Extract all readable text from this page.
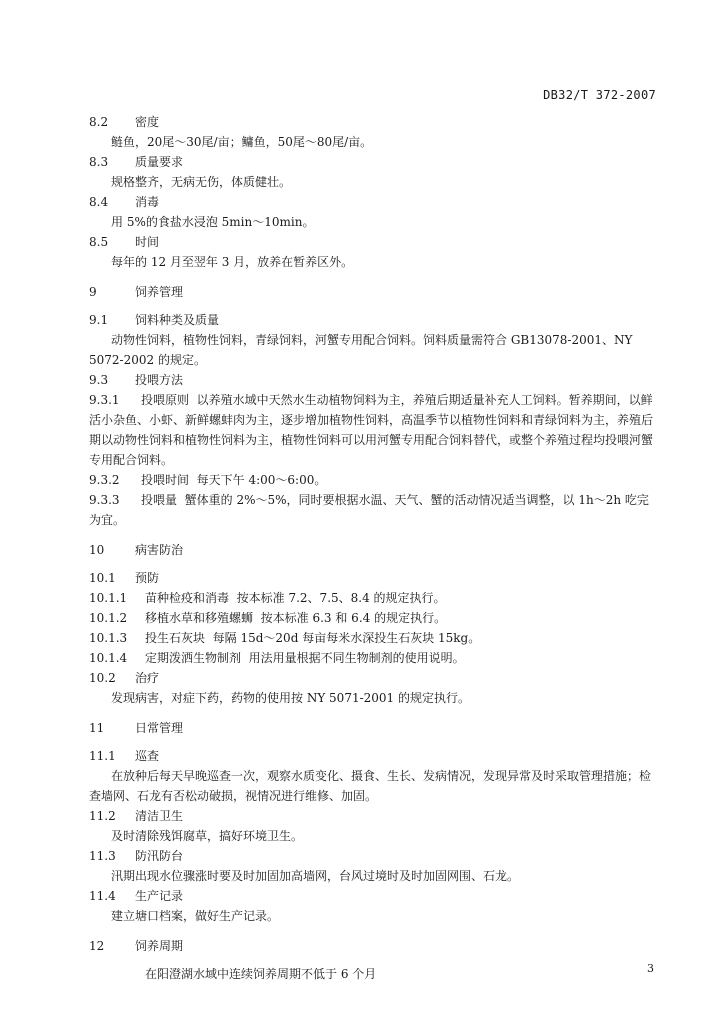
DB32/T 372-2007
8.2 密度
鲢鱼，20尾～30尾/亩；鳙鱼，50尾～80尾/亩。
8.3 质量要求
规格整齐，无病无伤，体质健壮。
8.4 消毒
用 5%的食盐水浸泡 5min～10min。
8.5 时间
每年的 12 月至翌年 3 月，放养在暂养区外。
9	饲养管理
9.1 饲料种类及质量
动物性饲料，植物性饲料，青绿饲料，河蟹专用配合饲料。饲料质量需符合 GB13078-2001、NY 5072-2002 的规定。
9.3 投喂方法
9.3.1 投喂原则 以养殖水域中天然水生动植物饲料为主，养殖后期适量补充人工饲料。暂养期间，以鲜活小杂鱼、小虾、新鲜螺蚌肉为主，逐步增加植物性饲料，高温季节以植物性饲料和青绿饲料为主，养殖后期以动物性饲料和植物性饲料为主，植物性饲料可以用河蟹专用配合饲料替代，或整个养殖过程均投喂河蟹专用配合饲料。
9.3.2 投喂时间 每天下午 4:00～6:00。
9.3.3 投喂量 蟹体重的 2%～5%，同时要根据水温、天气、蟹的活动情况适当调整，以 1h～2h 吃完为宜。
10	病害防治
10.1 预防
10.1.1 苗种检疫和消毒 按本标准 7.2、7.5、8.4 的规定执行。
10.1.2 移植水草和移殖螺蛳 按本标准 6.3 和 6.4 的规定执行。
10.1.3 投生石灰块 每隔 15d～20d 每亩每米水深投生石灰块 15kg。
10.1.4 定期泼洒生物制剂 用法用量根据不同生物制剂的使用说明。
10.2 治疗
发现病害，对症下药，药物的使用按 NY 5071-2001 的规定执行。
11	日常管理
11.1 巡查
在放种后每天早晚巡查一次，观察水质变化、摄食、生长、发病情况，发现异常及时采取管理措施；检查墙网、石龙有否松动破损，视情况进行维修、加固。
11.2 清洁卫生
及时清除残饵腐草，搞好环境卫生。
11.3 防汛防台
汛期出现水位骤涨时要及时加固加高墙网，台风过境时及时加固网围、石龙。
11.4 生产记录
建立塘口档案，做好生产记录。
12	饲养周期
在阳澄湖水域中连续饲养周期不低于 6 个月	3
